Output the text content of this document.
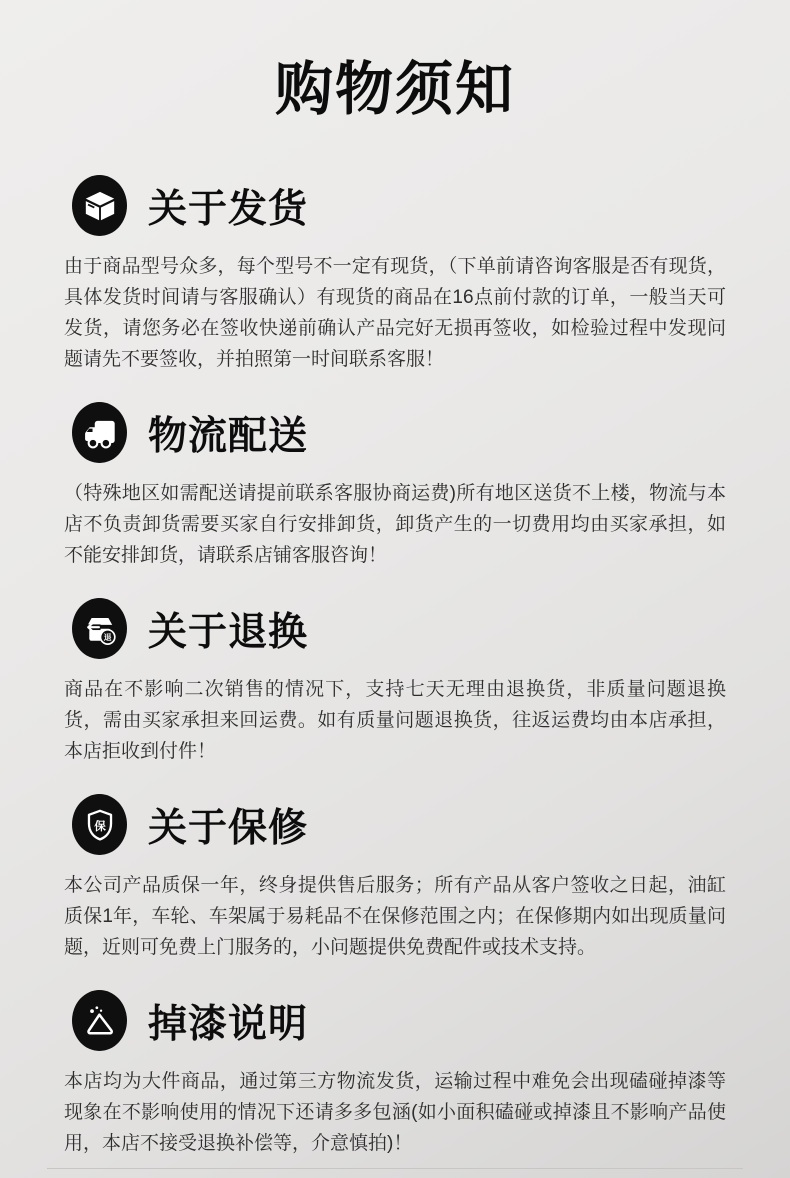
购物须知
关于发货

由于商品型号众多，每个型号不一定有现货，（下单前请咨询客服是否有现货，具体发货时间请与客服确认）有现货的商品在16点前付款的订单，一般当天可发货，请您务必在签收快递前确认产品完好无损再签收，如检验过程中发现问题请先不要签收，并拍照第一时间联系客服！

物流配送

（特殊地区如需配送请提前联系客服协商运费)所有地区送货不上楼，物流与本店不负责卸货需要买家自行安排卸货，卸货产生的一切费用均由买家承担，如不能安排卸货，请联系店铺客服咨询！

退 关于退换

商品在不影响二次销售的情况下，支持七天无理由退换货，非质量问题退换货，需由买家承担来回运费。如有质量问题退换货，往返运费均由本店承担，本店拒收到付件！

保 关于保修

本公司产品质保一年，终身提供售后服务；所有产品从客户签收之日起，油缸质保1年，车轮、车架属于易耗品不在保修范围之内；在保修期内如出现质量问题，近则可免费上门服务的，小问题提供免费配件或技术支持。

掉漆说明

本店均为大件商品，通过第三方物流发货，运输过程中难免会出现磕碰掉漆等现象在不影响使用的情况下还请多多包涵(如小面积磕碰或掉漆且不影响产品使用，本店不接受退换补偿等，介意慎拍)！
